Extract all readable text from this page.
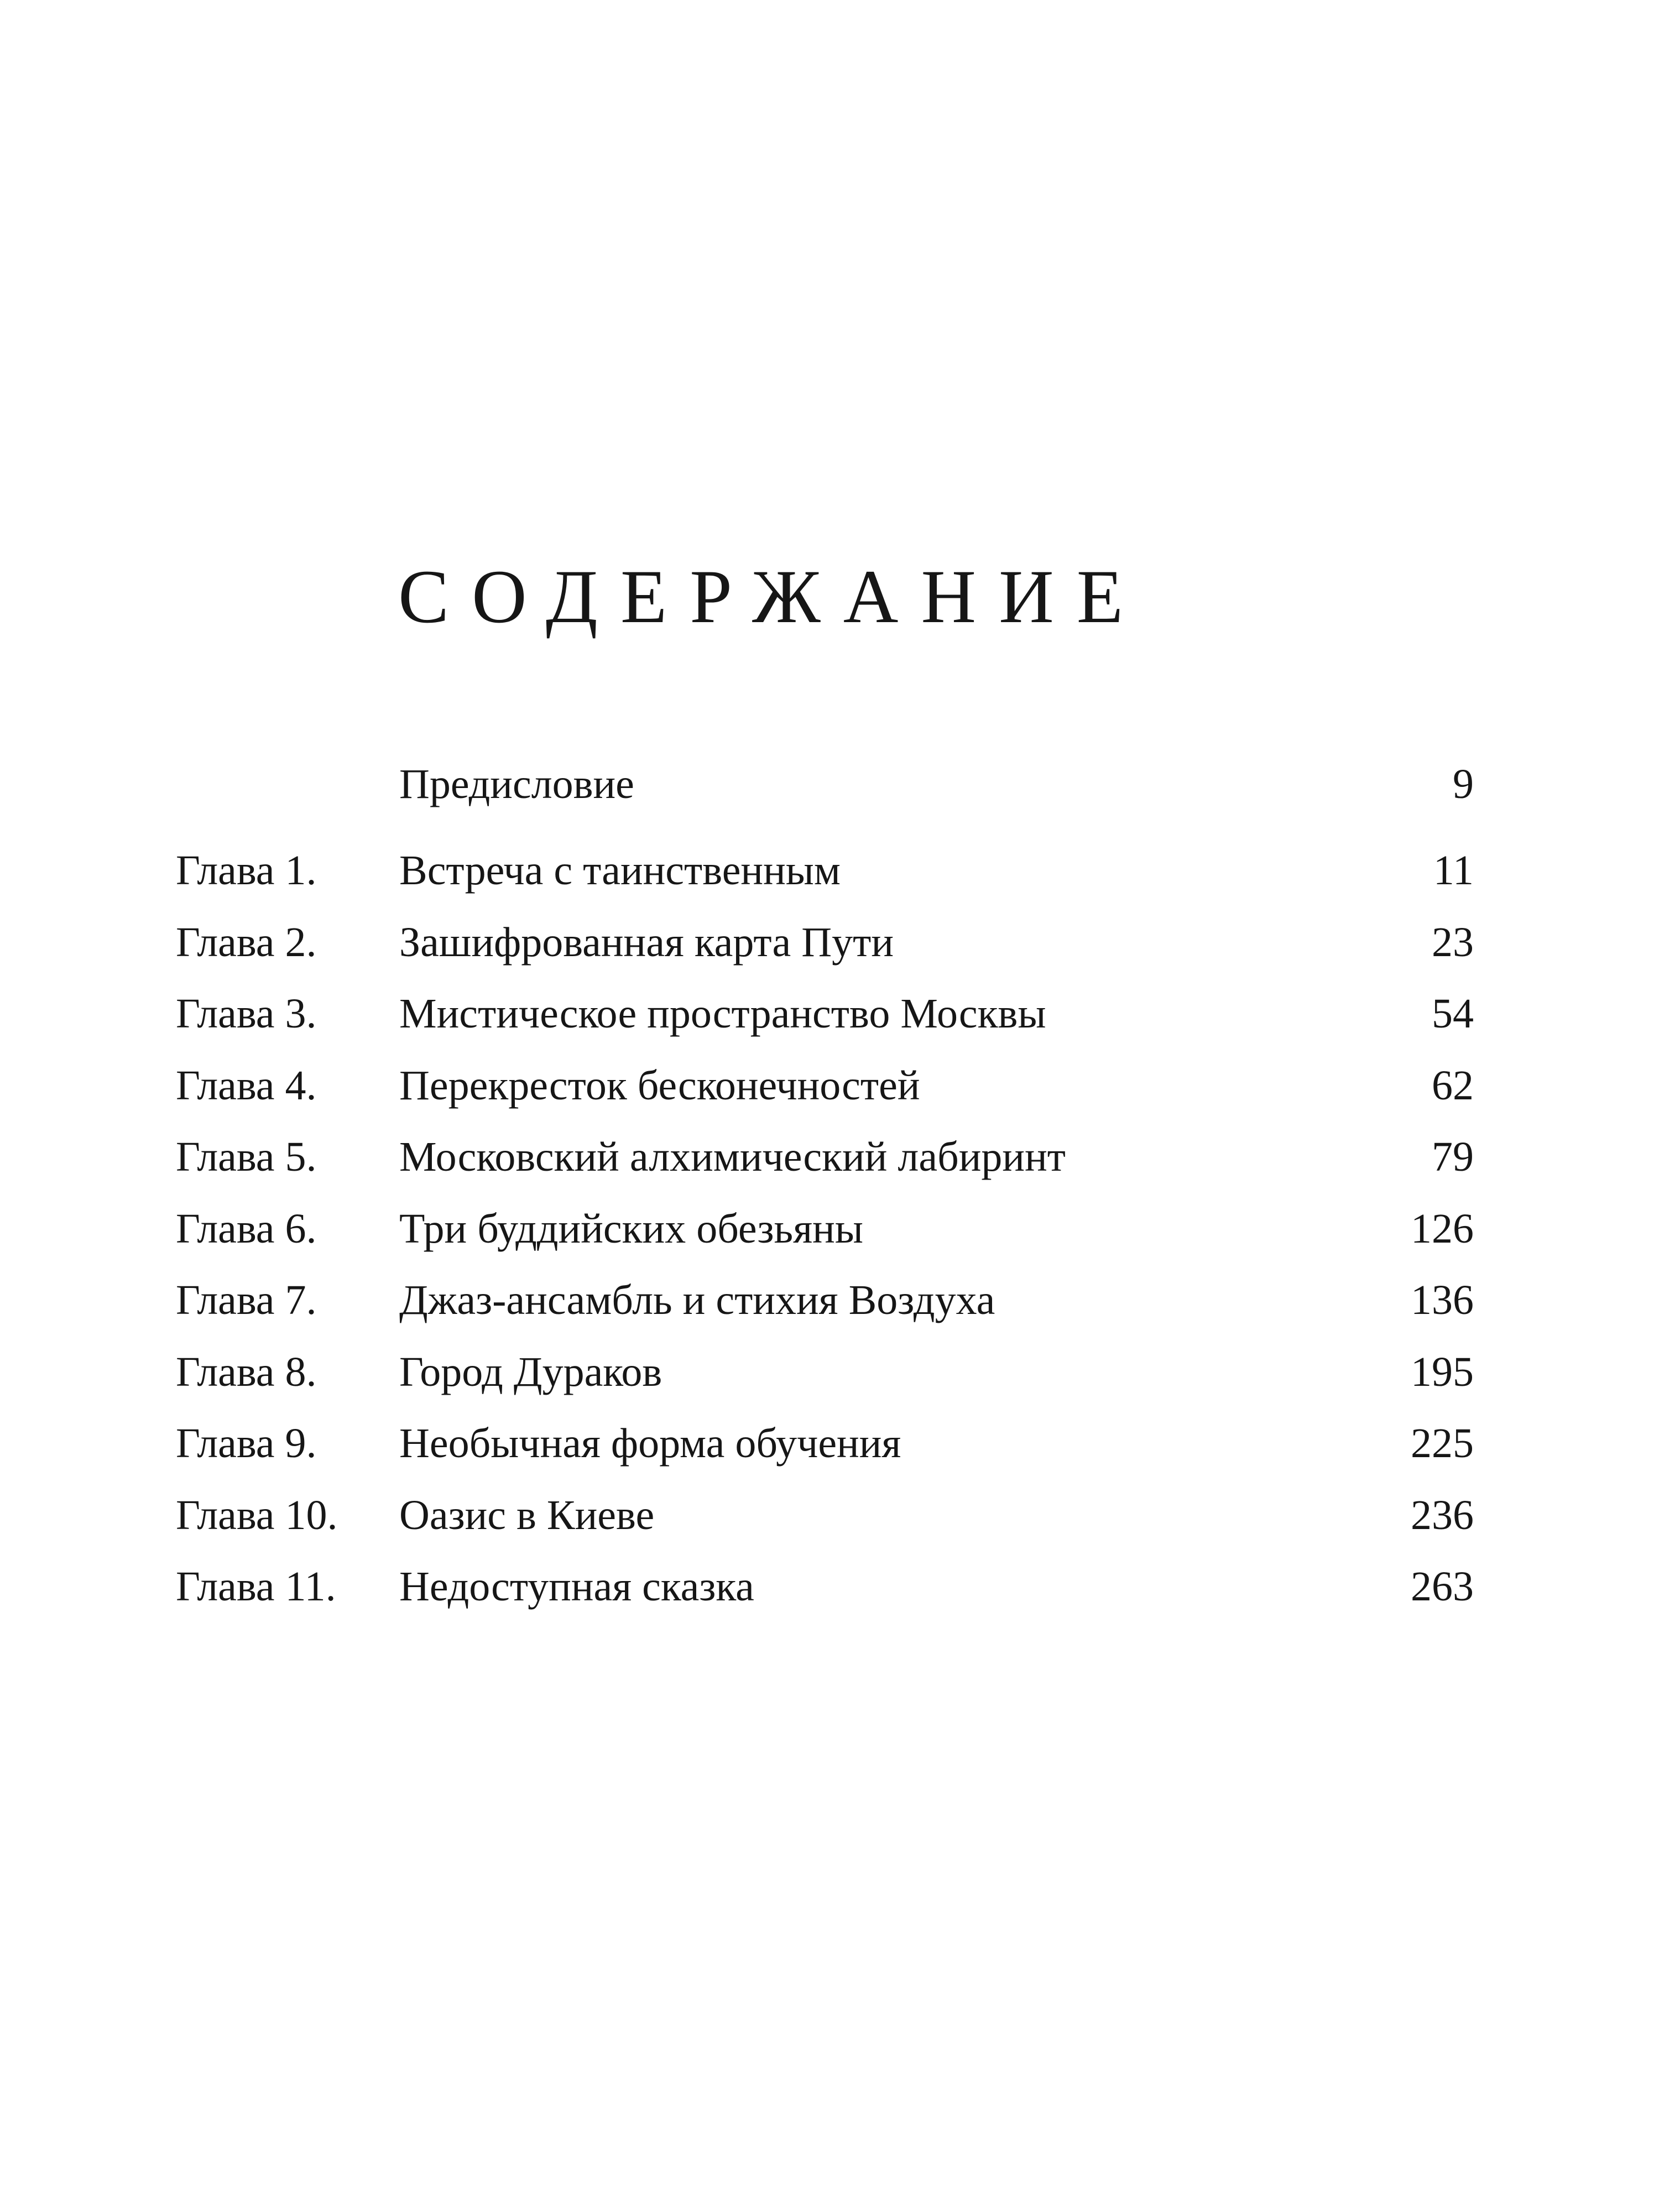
СОДЕРЖАНИЕ
Предисловие	9
Глава 1. Встреча с таинственным	11
Глава 2. Зашифрованная карта Пути	23
Глава 3. Мистическое пространство Москвы	54
Глава 4. Перекресток бесконечностей	62
Глава 5. Московский алхимический лабиринт	79
Глава 6. Три буддийских обезьяны	126
Глава 7. Джаз-ансамбль и стихия Воздуха	136
Глава 8. Город Дураков	195
Глава 9. Необычная форма обучения	225
Глава 10. Оазис в Киеве	236
Глава 11. Недоступная сказка	263
